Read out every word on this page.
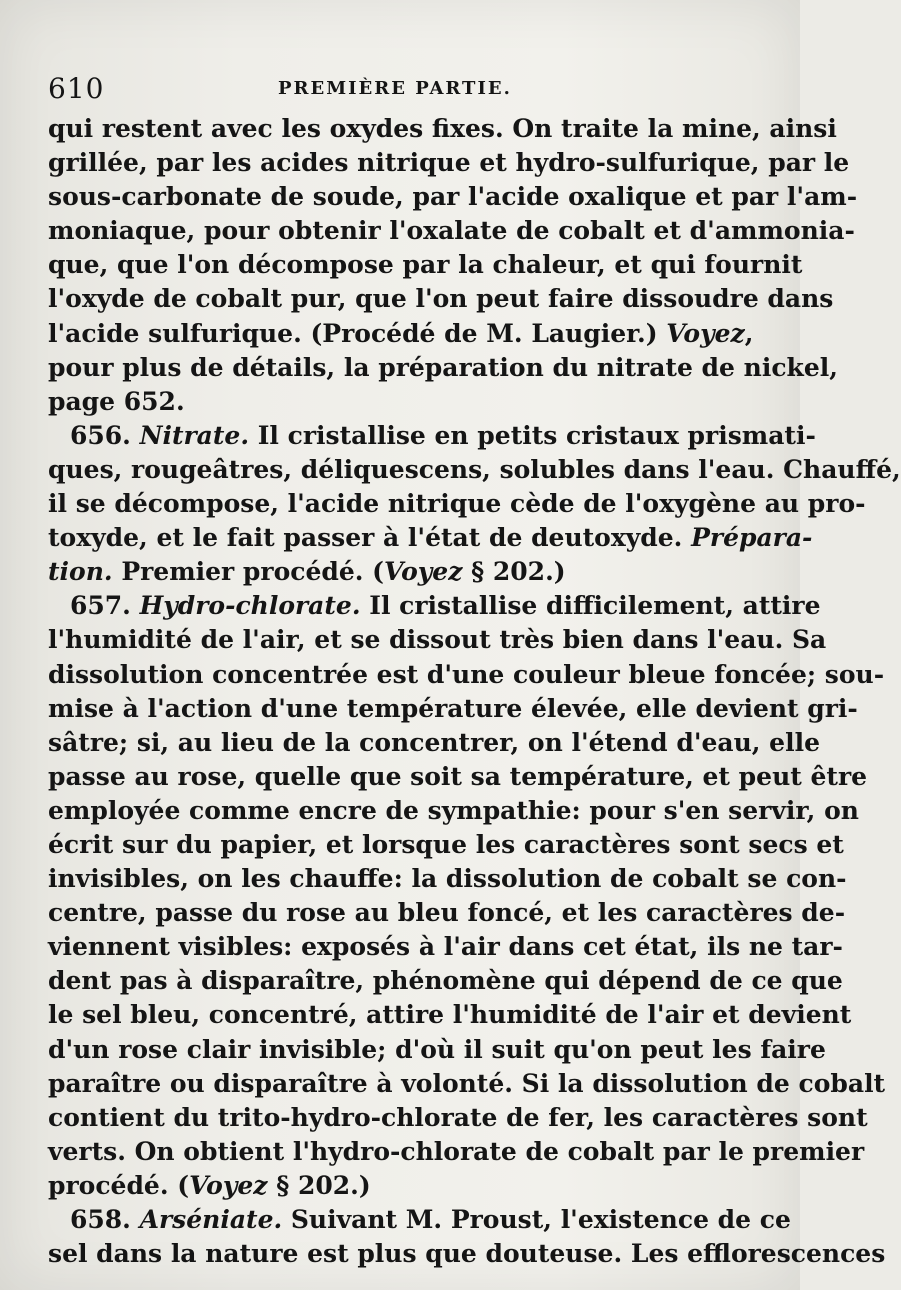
610	PREMIÈRE PARTIE.
qui restent avec les oxydes fixes. On traite la mine, ainsi
grillée, par les acides nitrique et hydro-sulfurique, par le
sous-carbonate de soude, par l'acide oxalique et par l'am-
moniaque, pour obtenir l'oxalate de cobalt et d'ammonia-
que, que l'on décompose par la chaleur, et qui fournit
l'oxyde de cobalt pur, que l'on peut faire dissoudre dans
l'acide sulfurique. (Procédé de M. Laugier.) Voyez,
pour plus de détails, la préparation du nitrate de nickel,
page 652.
656. Nitrate. Il cristallise en petits cristaux prismati-
ques, rougeâtres, déliquescens, solubles dans l'eau. Chauffé,
il se décompose, l'acide nitrique cède de l'oxygène au pro-
toxyde, et le fait passer à l'état de deutoxyde. Prépara-
tion. Premier procédé. (Voyez § 202.)
657. Hydro-chlorate. Il cristallise difficilement, attire
l'humidité de l'air, et se dissout très bien dans l'eau. Sa
dissolution concentrée est d'une couleur bleue foncée; sou-
mise à l'action d'une température élevée, elle devient gri-
sâtre; si, au lieu de la concentrer, on l'étend d'eau, elle
passe au rose, quelle que soit sa température, et peut être
employée comme encre de sympathie: pour s'en servir, on
écrit sur du papier, et lorsque les caractères sont secs et
invisibles, on les chauffe: la dissolution de cobalt se con-
centre, passe du rose au bleu foncé, et les caractères de-
viennent visibles: exposés à l'air dans cet état, ils ne tar-
dent pas à disparaître, phénomène qui dépend de ce que
le sel bleu, concentré, attire l'humidité de l'air et devient
d'un rose clair invisible; d'où il suit qu'on peut les faire
paraître ou disparaître à volonté. Si la dissolution de cobalt
contient du trito-hydro-chlorate de fer, les caractères sont
verts. On obtient l'hydro-chlorate de cobalt par le premier
procédé. (Voyez § 202.)
658. Arséniate. Suivant M. Proust, l'existence de ce
sel dans la nature est plus que douteuse. Les efflorescences
